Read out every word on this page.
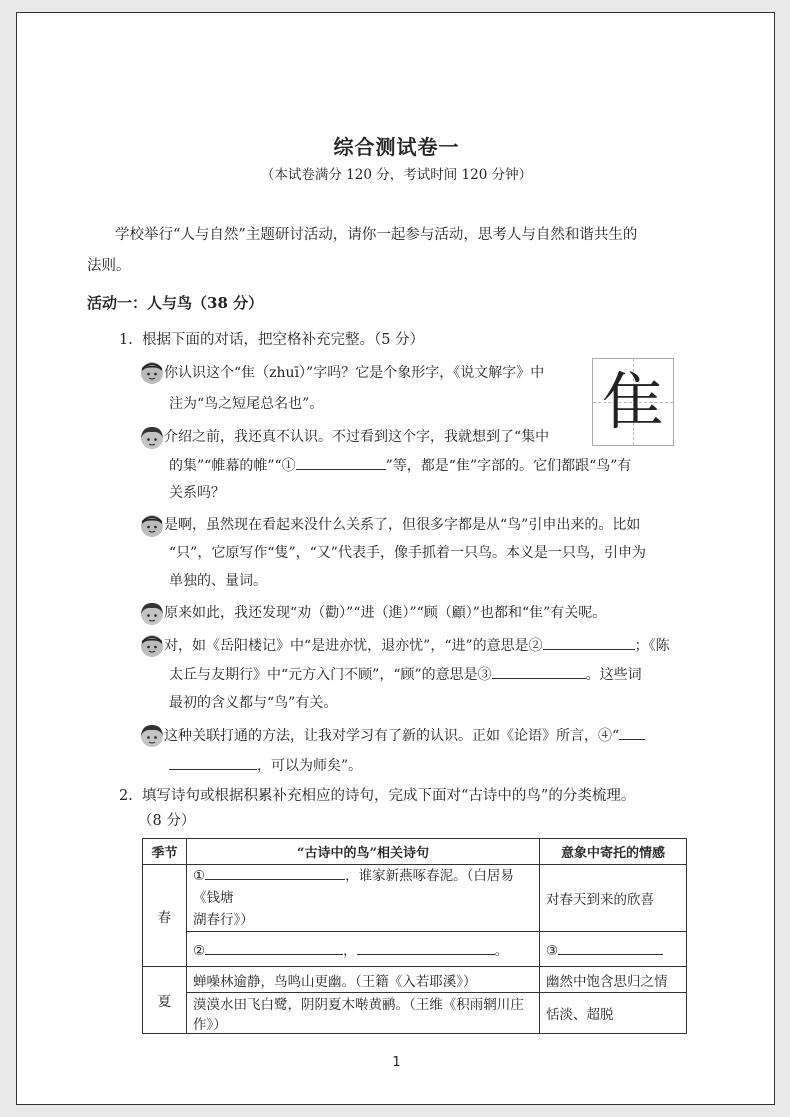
综合测试卷一
（本试卷满分 120 分，考试时间 120 分钟）
学校举行“人与自然”主题研讨活动，请你一起参与活动，思考人与自然和谐共生的
法则。
活动一：人与鸟（38 分）
1. 根据下面的对话，把空格补充完整。（5 分）
隹
你认识这个“隹（zhuī）”字吗？它是个象形字，《说文解字》中
注为“鸟之短尾总名也”。
介绍之前，我还真不认识。不过看到这个字，我就想到了“集中
的集”“帷幕的帷”“①	”等，都是“隹”字部的。它们都跟“鸟”有
关系吗？
是啊，虽然现在看起来没什么关系了，但很多字都是从“鸟”引申出来的。比如
“只”，它原写作“隻”，“又”代表手，像手抓着一只鸟。本义是一只鸟，引申为
单独的、量词。
原来如此，我还发现“劝（勸）”“进（進）”“顾（顧）”也都和“隹”有关呢。
对，如《岳阳楼记》中“是进亦忧，退亦忧”，“进”的意思是②	；《陈
太丘与友期行》中“元方入门不顾”，“顾”的意思是③	。这些词
最初的含义都与“鸟”有关。
这种关联打通的方法，让我对学习有了新的认识。正如《论语》所言，④“
，可以为师矣”。
2. 填写诗句或根据积累补充相应的诗句，完成下面对“古诗中的鸟”的分类梳理。
（8 分）
季节	“古诗中的鸟”相关诗句	意象中寄托的情感
春	① ，谁家新燕啄春泥。（白居易《钱塘
湖春行》）	对春天到来的欣喜
	② ， 。	③
夏	蝉噪林逾静，鸟鸣山更幽。（王籍《入若耶溪》）	幽然中饱含思归之情
	漠漠水田飞白鹭，阴阴夏木啭黄鹂。（王维《积雨辋川庄作》）	恬淡、超脱
1
